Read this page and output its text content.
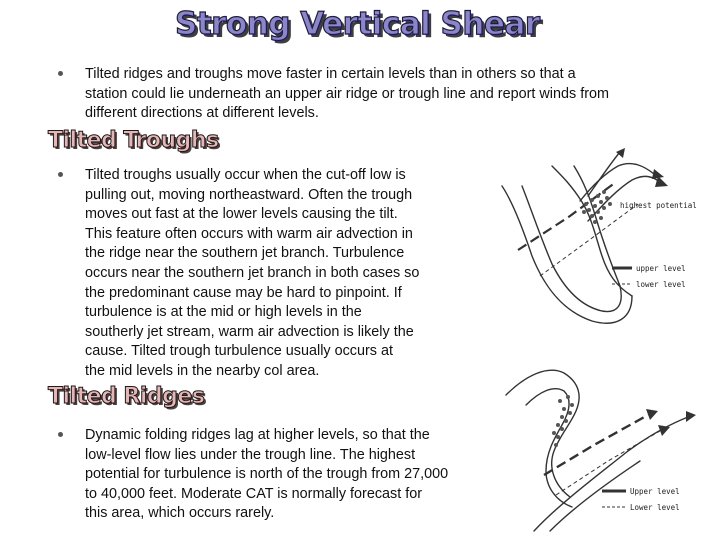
Strong Vertical Shear
Tilted ridges and troughs move faster in certain levels than in others so that a
station could lie underneath an upper air ridge or trough line and report winds from
different directions at different levels.
Tilted Troughs
Tilted troughs usually occur when the cut-off low is
pulling out, moving northeastward. Often the trough
moves out fast at the lower levels causing the tilt.
This feature often occurs with warm air advection in
the ridge near the southern jet branch. Turbulence
occurs near the southern jet branch in both cases so
the predominant cause may be hard to pinpoint. If
turbulence is at the mid or high levels in the
southerly jet stream, warm air advection is likely the
cause. Tilted trough turbulence usually occurs at
the mid levels in the nearby col area.
highest potential
upper level
lower level
Tilted Ridges
Dynamic folding ridges lag at higher levels, so that the
low-level flow lies under the trough line. The highest
potential for turbulence is north of the trough from 27,000
to 40,000 feet. Moderate CAT is normally forecast for
this area, which occurs rarely.
Upper level
Lower level
